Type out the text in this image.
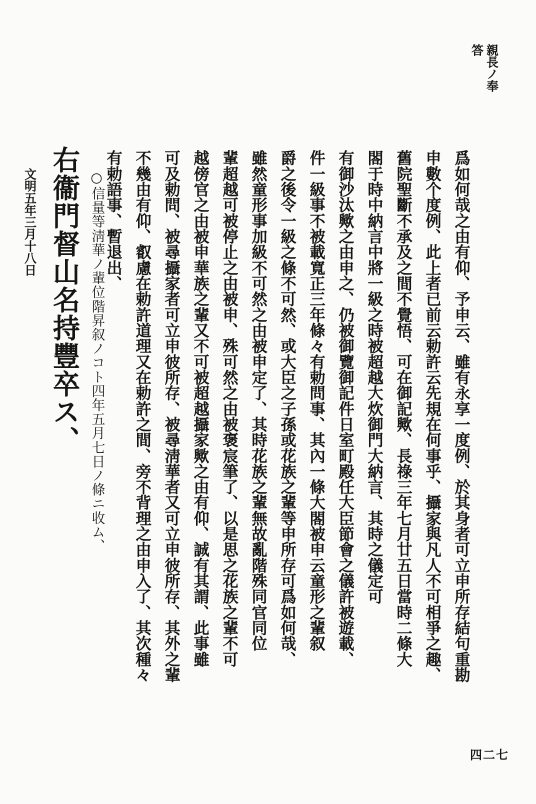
親長ノ奉
答
爲如何哉之由有仰、予申云、雖有永享一度例、於其身者可立申所存結句重勘
申數个度例、此上者已前云勅許云先規在何事乎、攝家與凡人不可相爭之趣、
舊院聖斷不承及之間不覺悟、可在御記歟、長祿三年七月廿五日當時二條大
閤于時中納言中將一級之時被超越大炊御門大納言、其時之儀定可
有御沙汰歟之由申之、仍被御覽御記件日室町殿任大臣節會之儀許被遊載、
件一級事不被載寬正三年條々有勅問事、其內一條大閤被申云童形之輩叙
爵之後令一級之條不可然、或大臣之子孫或花族之輩等申所存可爲如何哉、
雖然童形事加級不可然之由被申定了、其時花族之輩無故亂階殊同官同位
輩超越可被停止之由被申、殊可然之由被褒宸筆了、以是思之花族之輩不可
越傍官之由被申華族之輩又不可被超越攝家歟之由有仰、誠有其謂、此事雖
可及勅問、被尋攝家者可立申彼所存、被尋淸華者又可立申彼所存、其外之輩
不幾由有仰、叡慮在勅許道理又在勅許之間、旁不背理之由申入了、其次種々
有勅語事、暫退出、
○信量等淸華ノ輩位階昇叙ノコト四年五月七日ノ條ニ收ム、
右衞門督山名持豐卒ス、
文明五年三月十八日
四二七
